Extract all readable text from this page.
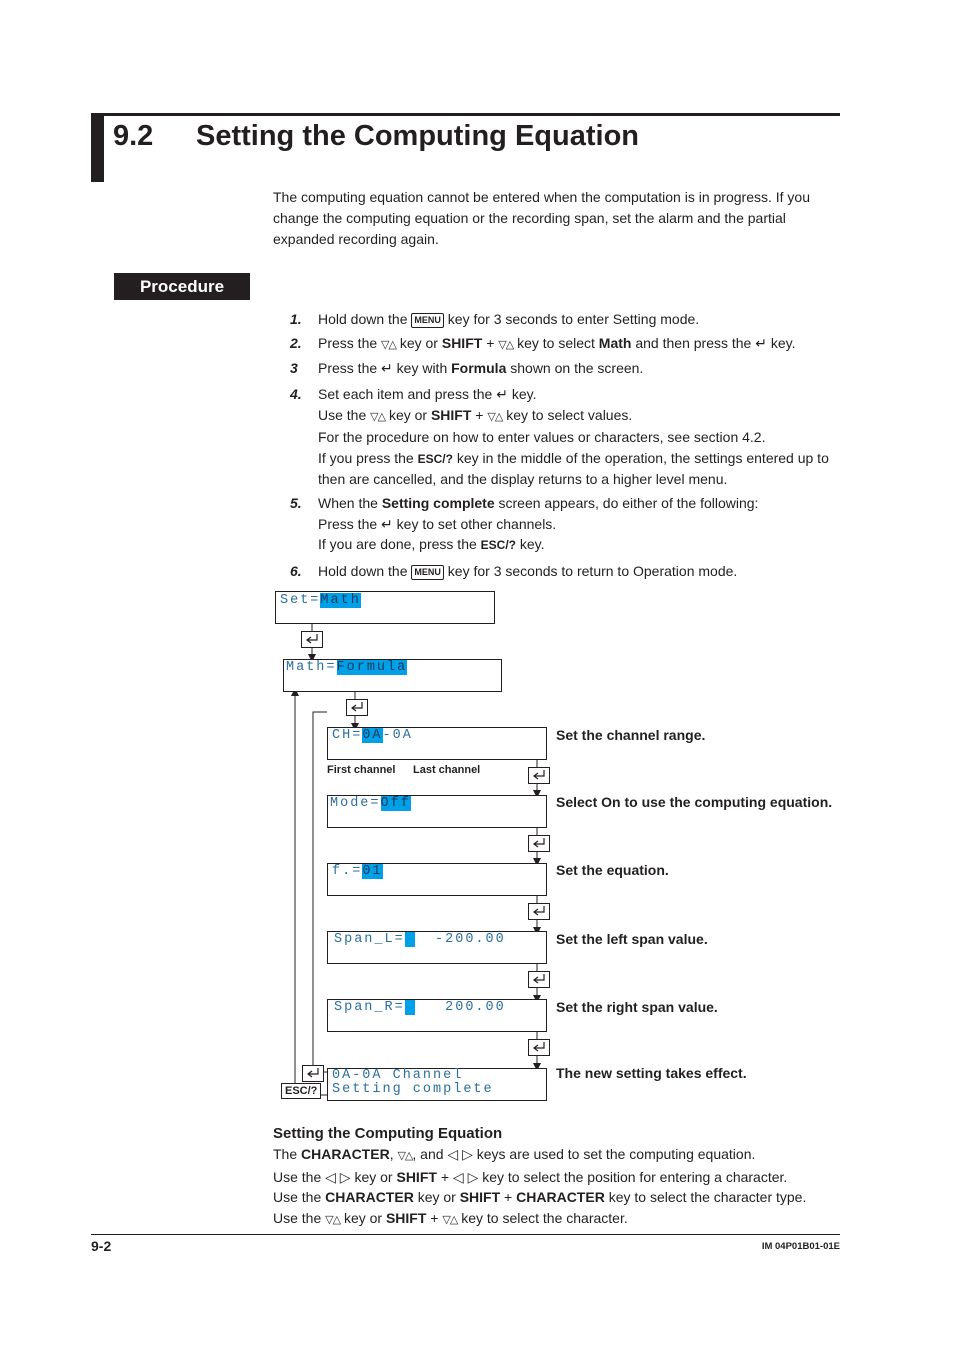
9.2 Setting the Computing Equation
The computing equation cannot be entered when the computation is in progress. If you change the computing equation or the recording span, set the alarm and the partial expanded recording again.
Procedure
1. Hold down the MENU key for 3 seconds to enter Setting mode.
2. Press the ▽△ key or SHIFT + ▽△ key to select Math and then press the ↵ key.
3 Press the ↵ key with Formula shown on the screen.
4. Set each item and press the ↵ key.
Use the ▽△ key or SHIFT + ▽△ key to select values.
For the procedure on how to enter values or characters, see section 4.2.
If you press the ESC/? key in the middle of the operation, the settings entered up to then are cancelled, and the display returns to a higher level menu.
5. When the Setting complete screen appears, do either of the following:
Press the ↵ key to set other channels.
If you are done, press the ESC/? key.
6. Hold down the MENU key for 3 seconds to return to Operation mode.
Set=Math
Math=Formula
CH=0A-0A
First channel Last channel
Set the channel range.
Mode=Off	Select On to use the computing equation.
f.=01	Set the equation.
Span_L=   -200.00	Set the left span value.
Span_R=    200.00	Set the right span value.
0A-0A Channel
Setting complete
The new setting takes effect.
ESC/?
Setting the Computing Equation
The CHARACTER, ▽△, and ◁ ▷ keys are used to set the computing equation.
Use the ◁ ▷ key or SHIFT + ◁ ▷ key to select the position for entering a character.
Use the CHARACTER key or SHIFT + CHARACTER key to select the character type.
Use the ▽△ key or SHIFT + ▽△ key to select the character.
9-2	IM 04P01B01-01E
